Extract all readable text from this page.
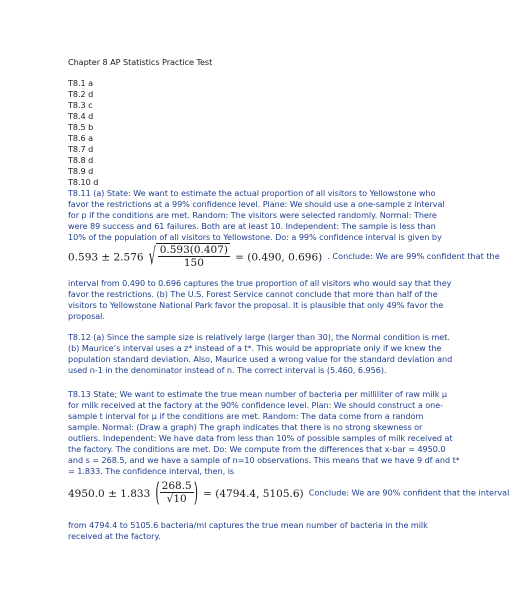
Chapter 8 AP Statistics Practice Test
T8.1 a
T8.2 d
T8.3 c
T8.4 d
T8.5 b
T8.6 a
T8.7 d
T8.8 d
T8.9 d
T8.10 d
T8.11 (a) State: We want to estimate the actual proportion of all visitors to Yellowstone who
favor the restrictions at a 99% confidence level. Plane: We should use a one-sample z interval
for p if the conditions are met. Random: The visitors were selected randomly. Normal: There
were 89 success and 61 failures. Both are at least 10. Independent: The sample is less than
10% of the population of all visitors to Yellowstone. Do: a 99% confidence interval is given by
0.593 ± 2.576 √ $\frac{0.593(0.407)}{150} = (0.490$, 0.696) . Conclude: We are 99% confident that the
interval from 0.490 to 0.696 captures the true proportion of all visitors who would say that they
favor the restrictions. (b) The U.S. Forest Service cannot conclude that more than half of the
visitors to Yellowstone National Park favor the proposal. It is plausible that only 49% favor the
proposal.
T8.12 (a) Since the sample size is relatively large (larger than 30), the Normal condition is met.
(b) Maurice’s interval uses a z* instead of a t*. This would be appropriate only if we knew the
population standard deviation. Also, Maurice used a wrong value for the standard deviation and
used n-1 in the denominator instead of n. The correct interval is (5.460, 6.956).
T8.13 State; We want to estimate the true mean number of bacteria per milliliter of raw milk μ
for milk received at the factory at the 90% confidence level. Plan: We should construct a one-
sample t interval for μ if the conditions are met. Random: The data come from a random
sample. Normal: (Draw a graph) The graph indicates that there is no strong skewness or
outliers. Independent: We have data from less than 10% of possible samples of milk received at
the factory. The conditions are met. Do: We compute from the differences that x-bar = 4950.0
and s = 268.5, and we have a sample of n=10 observations. This means that we have 9 df and t*
= 1.833. The confidence interval, then, is
4950.0 ± 1.833 ( $\frac{268.5}{√10}$ ) = (4794.4, 5105.6) Conclude: We are 90% confident that the interval
from 4794.4 to 5105.6 bacteria/ml captures the true mean number of bacteria in the milk
received at the factory.
